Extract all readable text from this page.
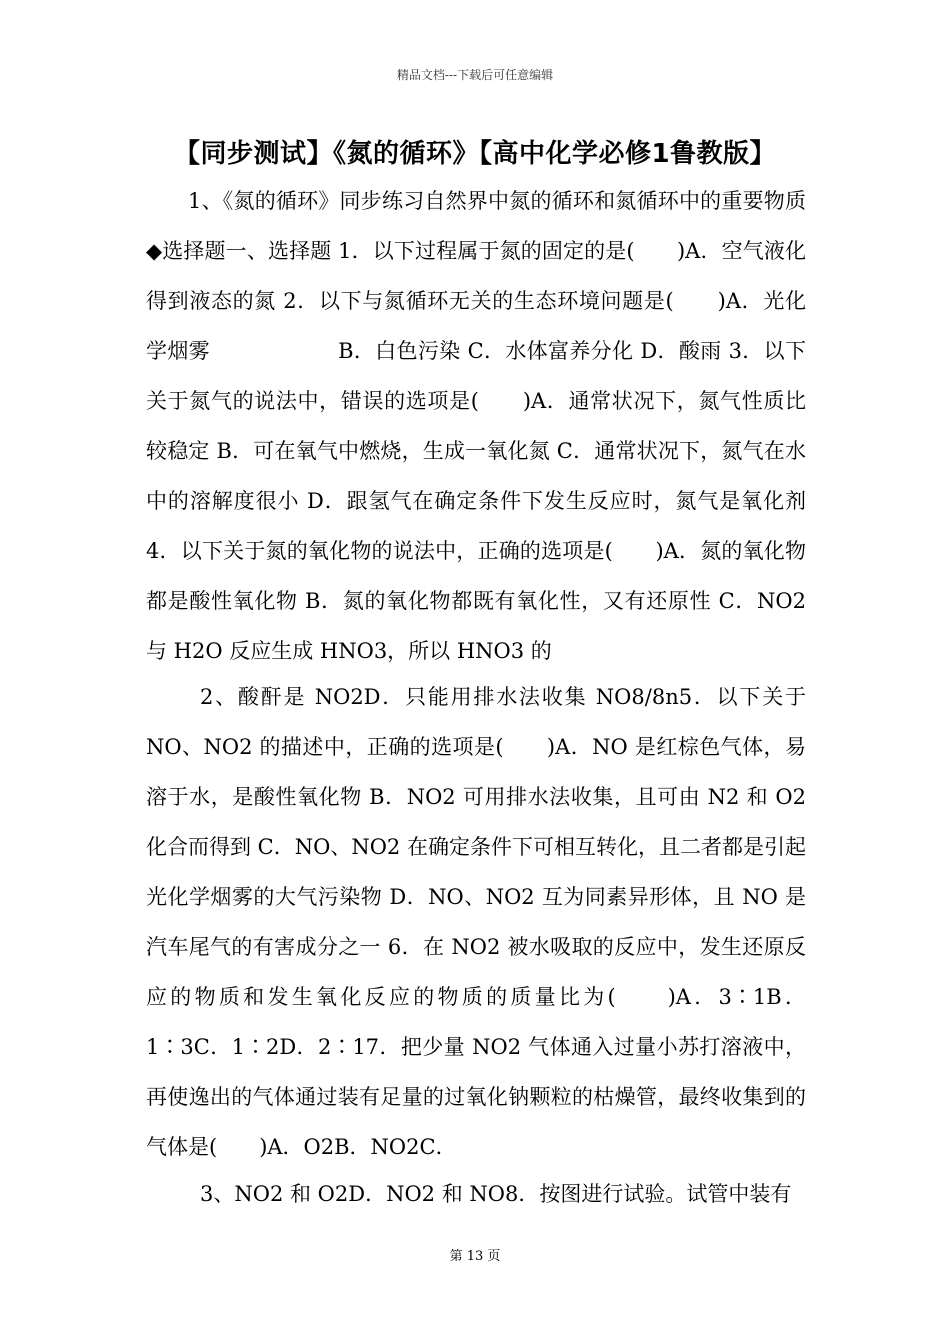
精品文档---下载后可任意编辑
【同步测试】《氮的循环》【高中化学必修1鲁教版】

1、《氮的循环》同步练习自然界中氮的循环和氮循环中的重要物质◆选择题一、选择题 1．以下过程属于氮的固定的是(　　)A．空气液化得到液态的氮 2．以下与氮循环无关的生态环境问题是(　　)A．光化学烟雾　　　　　　B．白色污染 C．水体富养分化 D．酸雨 3．以下关于氮气的说法中，错误的选项是(　　)A．通常状况下，氮气性质比较稳定 B．可在氧气中燃烧，生成一氧化氮 C．通常状况下，氮气在水中的溶解度很小 D．跟氢气在确定条件下发生反应时，氮气是氧化剂 4．以下关于氮的氧化物的说法中，正确的选项是(　　)A．氮的氧化物都是酸性氧化物 B．氮的氧化物都既有氧化性，又有还原性 C．NO2 与 H2O 反应生成 HNO3，所以 HNO3 的

2、酸酐是 NO2D．只能用排水法收集 NO8/8n5．以下关于 NO、NO2 的描述中，正确的选项是(　　)A．NO 是红棕色气体，易溶于水，是酸性氧化物 B．NO2 可用排水法收集，且可由 N2 和 O2 化合而得到 C．NO、NO2 在确定条件下可相互转化，且二者都是引起光化学烟雾的大气污染物 D．NO、NO2 互为同素异形体，且 NO 是汽车尾气的有害成分之一 6．在 NO2 被水吸取的反应中，发生还原反应的物质和发生氧化反应的物质的质量比为(　　)A．3∶1B．1∶3C．1∶2D．2∶17．把少量 NO2 气体通入过量小苏打溶液中，再使逸出的气体通过装有足量的过氧化钠颗粒的枯燥管，最终收集到的气体是(　　)A．O2B．NO2C．

3、NO2 和 O2D．NO2 和 NO8．按图进行试验。试管中装有

第 13 页
